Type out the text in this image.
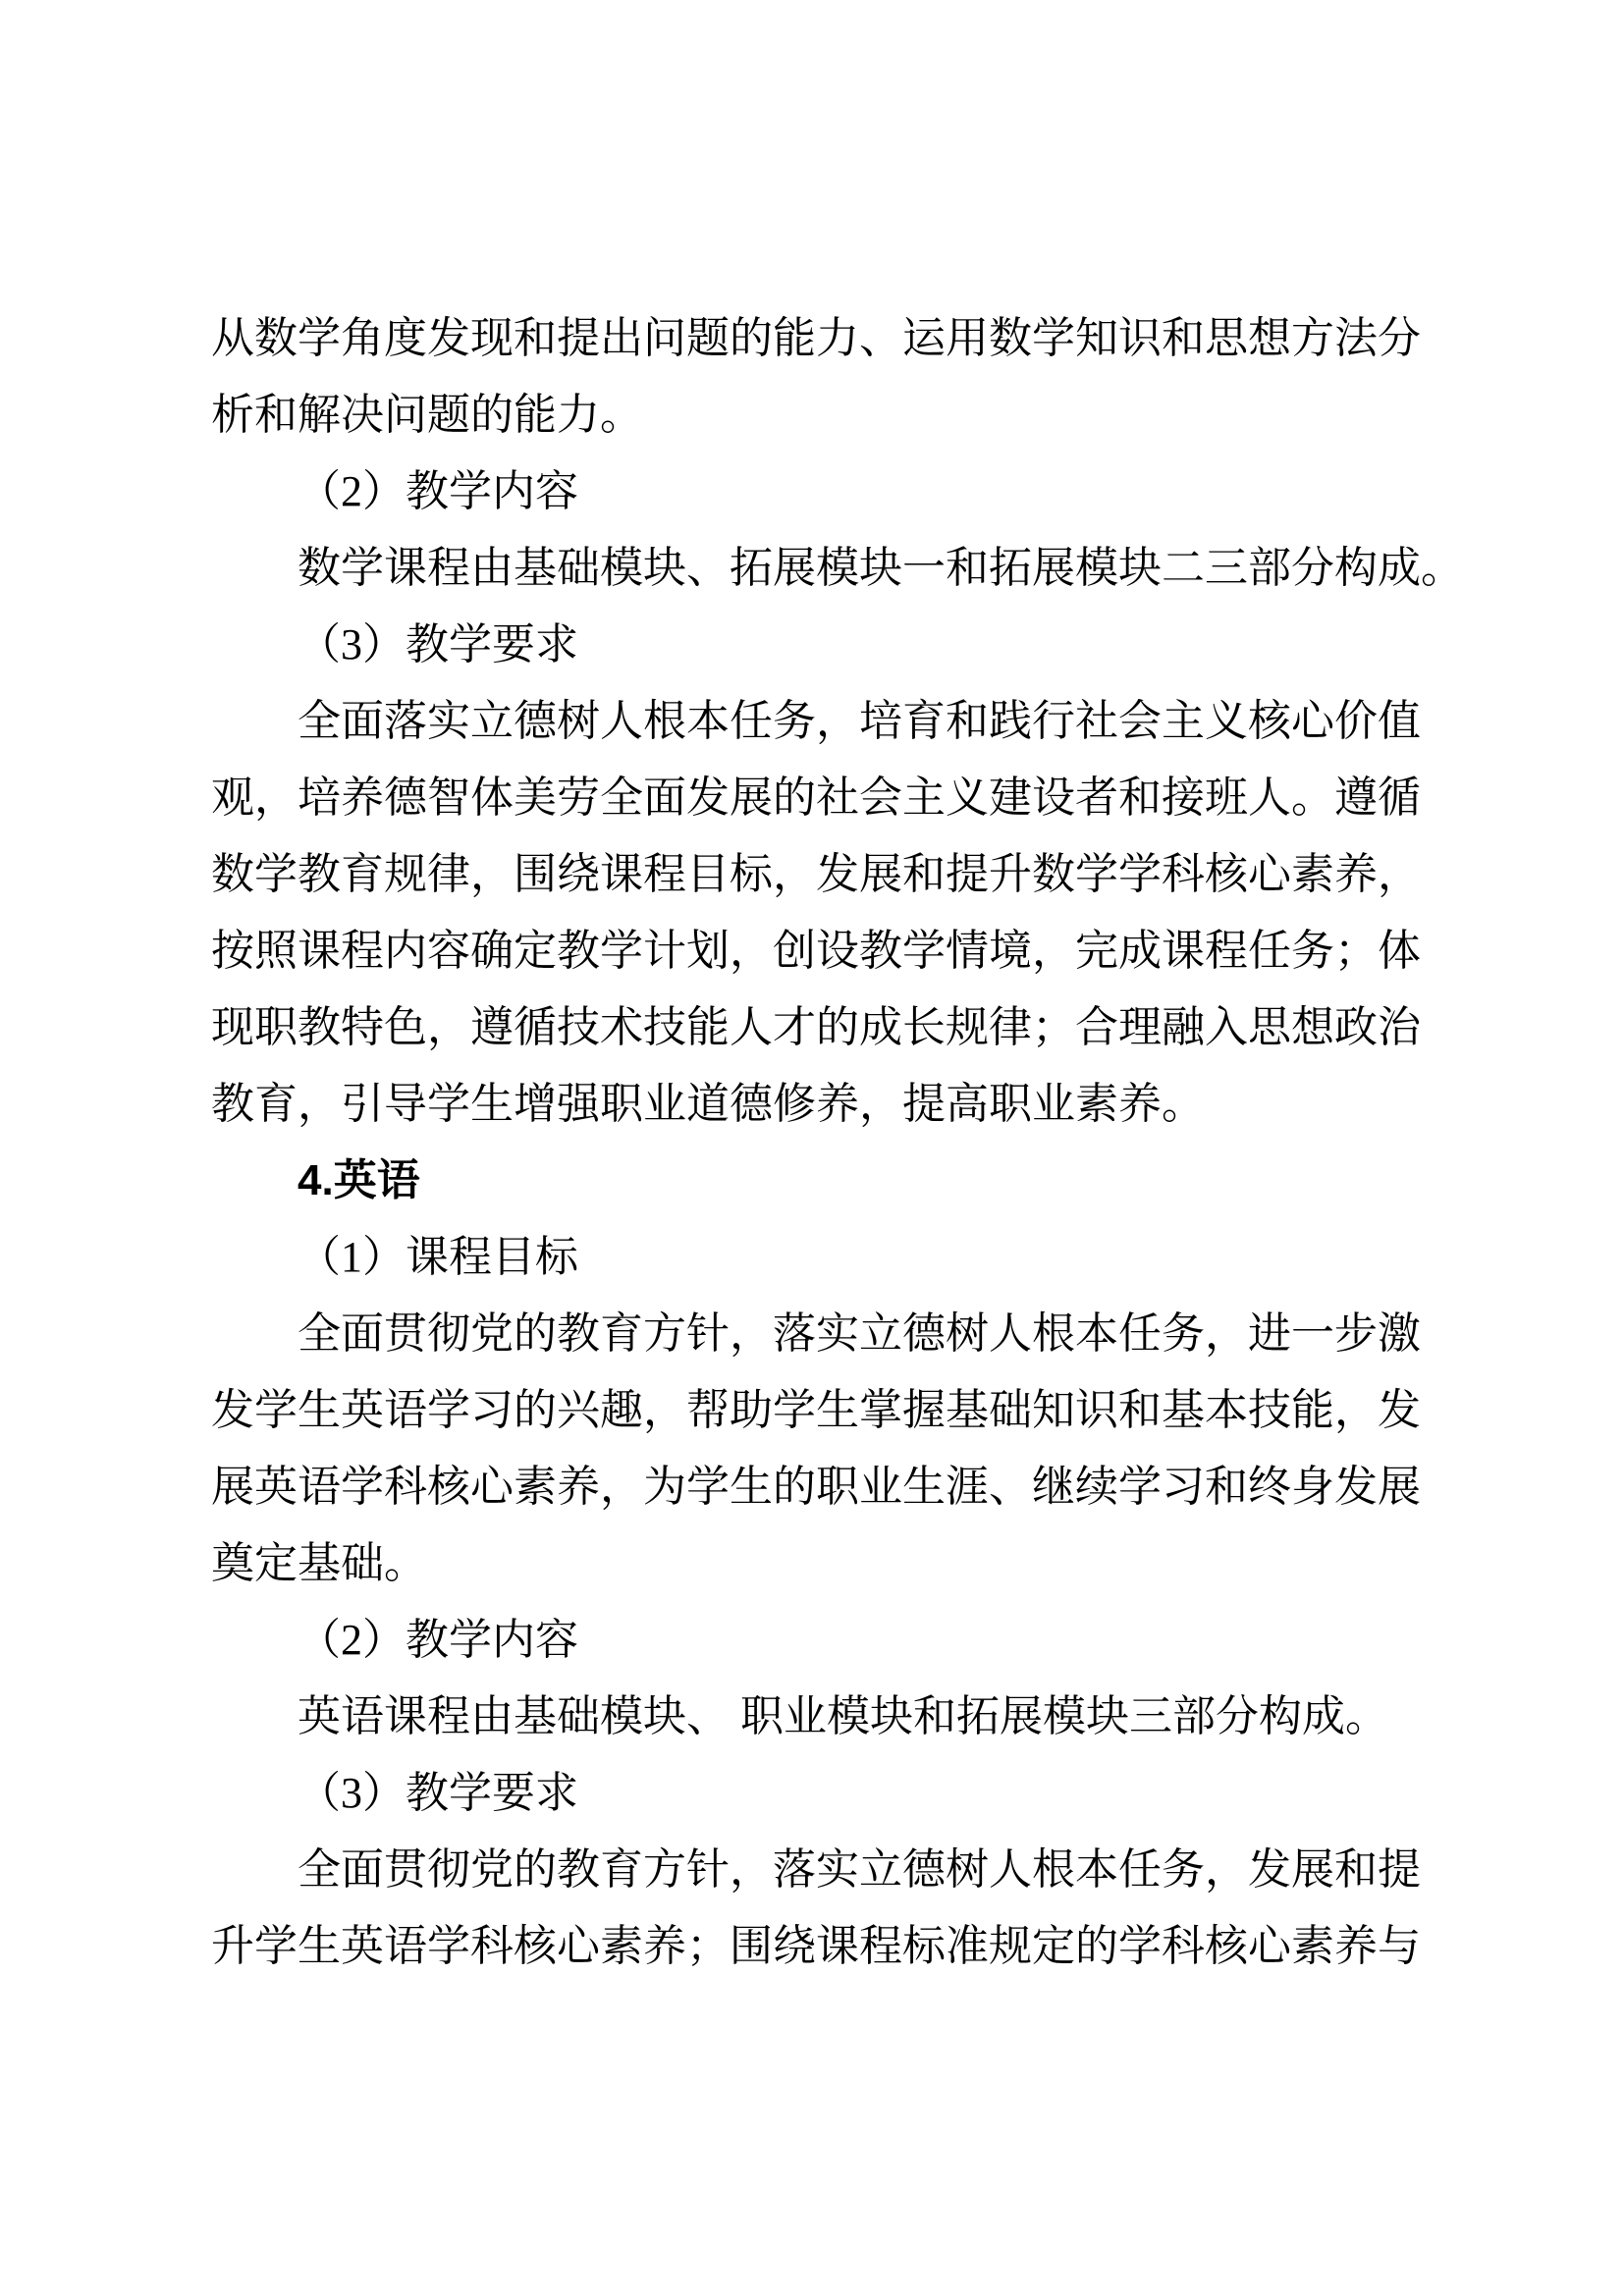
从数学角度发现和提出问题的能力、运用数学知识和思想方法分
析和解决问题的能力。
（2）教学内容
数学课程由基础模块、拓展模块一和拓展模块二三部分构成。
（3）教学要求
全面落实立德树人根本任务，培育和践行社会主义核心价值
观，培养德智体美劳全面发展的社会主义建设者和接班人。遵循
数学教育规律，围绕课程目标，发展和提升数学学科核心素养，
按照课程内容确定教学计划，创设教学情境，完成课程任务；体
现职教特色，遵循技术技能人才的成长规律；合理融入思想政治
教育，引导学生增强职业道德修养，提高职业素养。
4.英语
（1）课程目标
全面贯彻党的教育方针，落实立德树人根本任务，进一步激
发学生英语学习的兴趣，帮助学生掌握基础知识和基本技能，发
展英语学科核心素养，为学生的职业生涯、继续学习和终身发展
奠定基础。
（2）教学内容
英语课程由基础模块、 职业模块和拓展模块三部分构成。
（3）教学要求
全面贯彻党的教育方针，落实立德树人根本任务，发展和提
升学生英语学科核心素养；围绕课程标准规定的学科核心素养与
